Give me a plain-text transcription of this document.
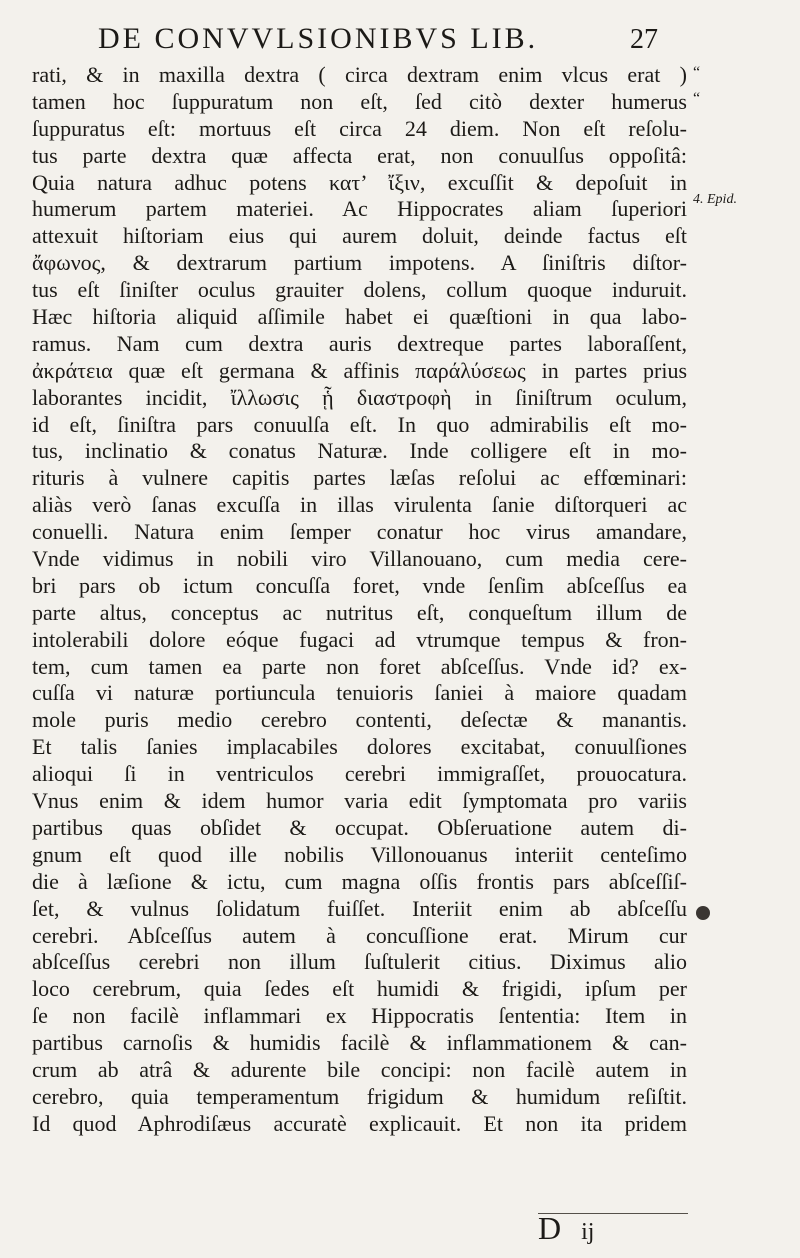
DE CONVVLSIONIBVS LIB.	27
rati, & in maxilla dextra ( circa dextram enim vlcus erat )
tamen hoc ſuppuratum non eſt, ſed citò dexter humerus
ſuppuratus eſt: mortuus eſt circa 24 diem. Non eſt reſolu-
tus parte dextra quæ affecta erat, non conuulſus oppoſitâ:
Quia natura adhuc potens κατ’ ἴξιν, excuſſit & depoſuit in
humerum partem materiei. Ac Hippocrates aliam ſuperiori
attexuit hiſtoriam eius qui aurem doluit, deinde factus eſt
ἄφωνος, & dextrarum partium impotens. A ſiniſtris diſtor-
tus eſt ſiniſter oculus grauiter dolens, collum quoque induruit.
Hæc hiſtoria aliquid aſſimile habet ei quæſtioni in qua labo-
ramus. Nam cum dextra auris dextreque partes laboraſſent,
ἀκράτεια quæ eſt germana & affinis παράλύσεως in partes prius
laborantes incidit, ἴλλωσις ᾗ διαστροφὴ in ſiniſtrum oculum,
id eſt, ſiniſtra pars conuulſa eſt. In quo admirabilis eſt mo-
tus, inclinatio & conatus Naturæ. Inde colligere eſt in mo-
rituris à vulnere capitis partes læſas reſolui ac effœminari:
aliàs verò ſanas excuſſa in illas virulenta ſanie diſtorqueri ac
conuelli. Natura enim ſemper conatur hoc virus amandare,
Vnde vidimus in nobili viro Villanouano, cum media cere-
bri pars ob ictum concuſſa foret, vnde ſenſim abſceſſus ea
parte altus, conceptus ac nutritus eſt, conqueſtum illum de
intolerabili dolore eóque fugaci ad vtrumque tempus & fron-
tem, cum tamen ea parte non foret abſceſſus. Vnde id? ex-
cuſſa vi naturæ portiuncula tenuioris ſaniei à maiore quadam
mole puris medio cerebro contenti, deſectæ & manantis.
Et talis ſanies implacabiles dolores excitabat, conuulſiones
alioqui ſi in ventriculos cerebri immigraſſet, prouocatura.
Vnus enim & idem humor varia edit ſymptomata pro variis
partibus quas obſidet & occupat. Obſeruatione autem di-
gnum eſt quod ille nobilis Villonouanus interiit centeſimo
die à læſione & ictu, cum magna oſſis frontis pars abſceſſiſ-
ſet, & vulnus ſolidatum fuiſſet. Interiit enim ab abſceſſu
cerebri. Abſceſſus autem à concuſſione erat. Mirum cur
abſceſſus cerebri non illum ſuſtulerit citius. Diximus alio
loco cerebrum, quia ſedes eſt humidi & frigidi, ipſum per
ſe non facilè inflammari ex Hippocratis ſententia: Item in
partibus carnoſis & humidis facilè & inflammationem & can-
crum ab atrâ & adurente bile concipi: non facilè autem in
cerebro, quia temperamentum frigidum & humidum reſiſtit.
Id quod Aphrodiſæus accuratè explicauit. Et non ita pridem
“
“
4. Epid.
D ij
